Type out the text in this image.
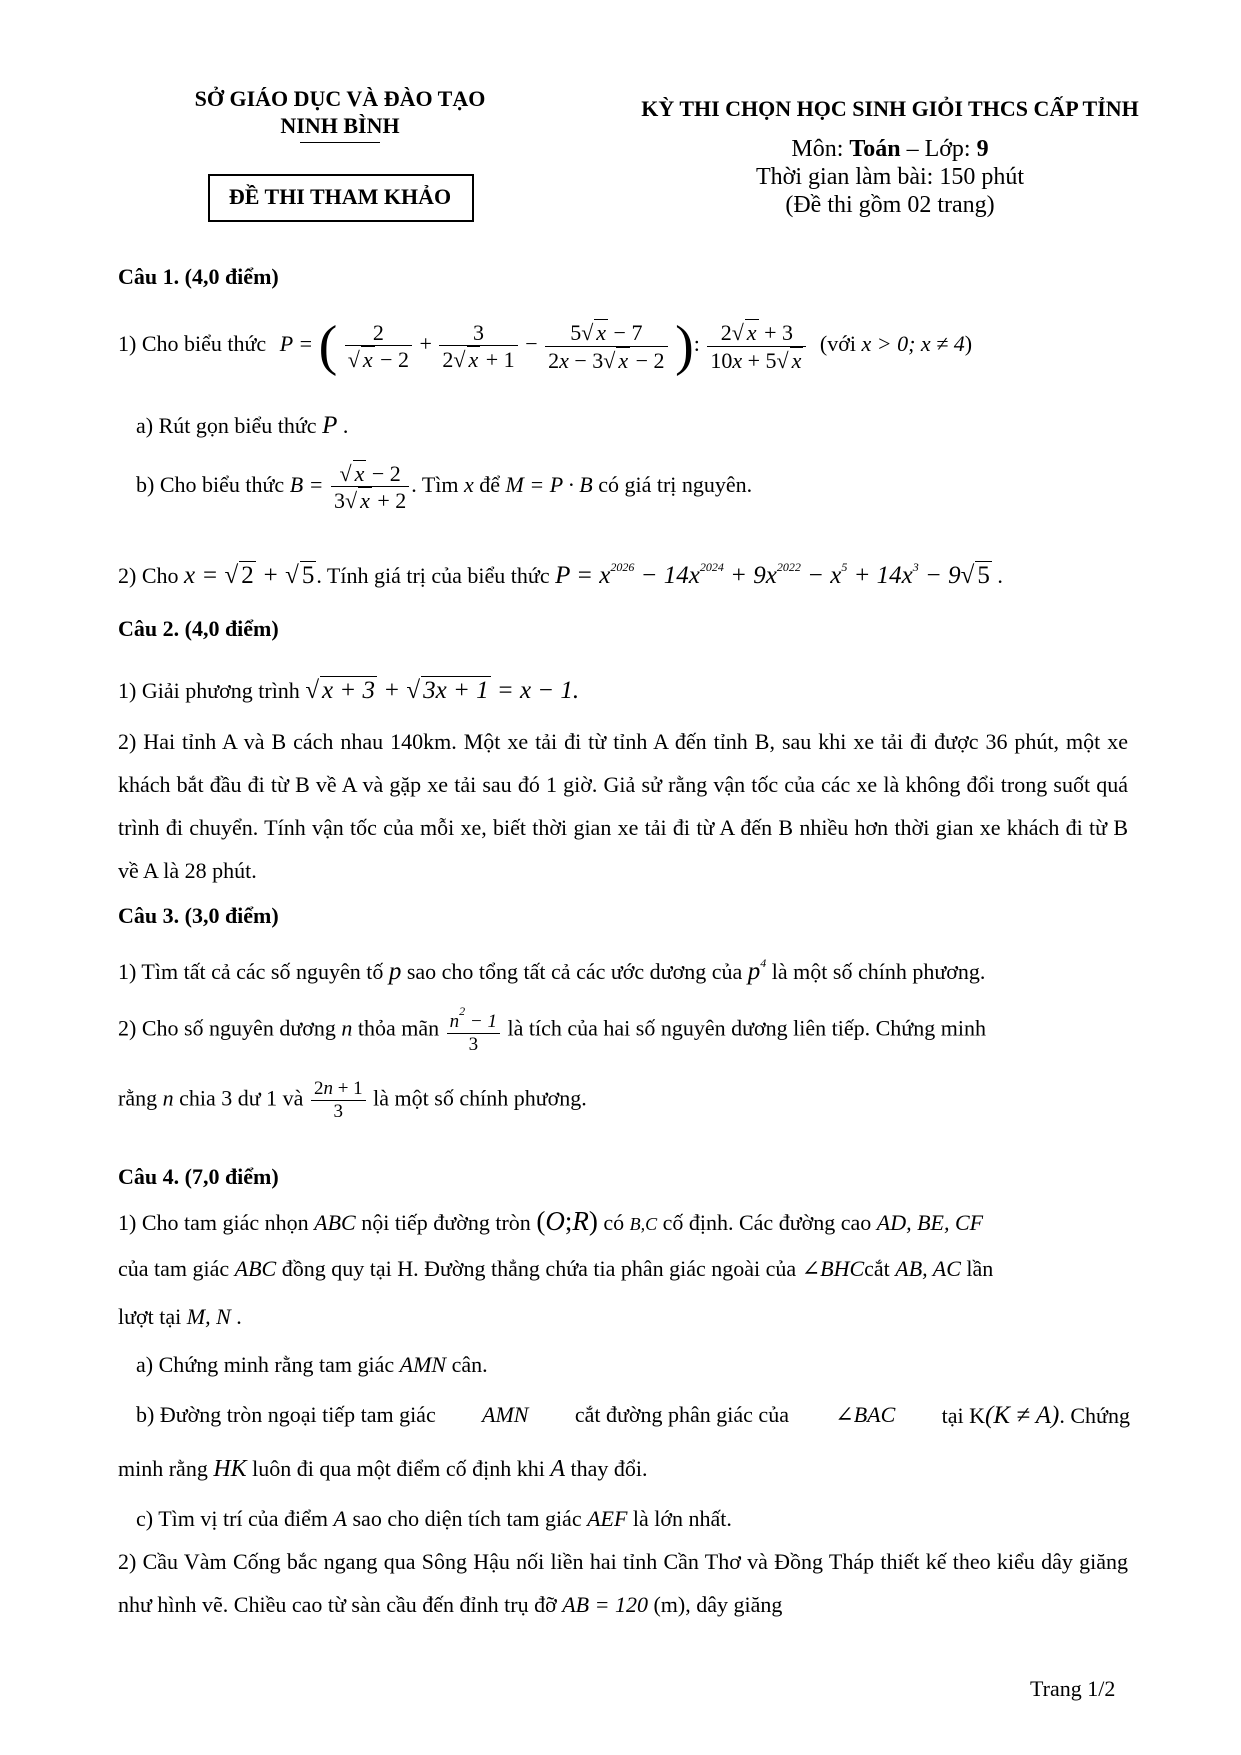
SỞ GIÁO DỤC VÀ ĐÀO TẠO
NINH BÌNH
ĐỀ THI THAM KHẢO
KỲ THI CHỌN HỌC SINH GIỎI THCS CẤP TỈNH
Môn: Toán – Lớp: 9
Thời gian làm bài: 150 phút
(Đề thi gồm 02 trang)
Câu 1. (4,0 điểm)
1) Cho biểu thức P = ( $\frac{2}{√ x - 2} + \frac{3}{2√ x + 1} - \frac{5√ x - 7}{2x - 3√ x - 2}$ ): $\frac{2√ x + 3}{10x + 5√ x}$ (với x > 0; x ≠ 4)
a) Rút gọn biểu thức P .
b) Cho biểu thức $B = \frac{√ x - 2}{3√ x + 2}$ . Tìm x để M = P · B có giá trị nguyên.
2) Cho x = √ 2 + √ 5. Tính giá trị của biểu thức $P = x^{2026} - 14x^{2024} + 9x^{2022} - x^5 + 14x^3 - 9√$ 5 .
Câu 2. (4,0 điểm)
1) Giải phương trình √ x + 3 + √ 3x + 1 = x − 1.
2) Hai tỉnh A và B cách nhau 140km. Một xe tải đi từ tỉnh A đến tỉnh B, sau khi xe tải đi được 36 phút, một xe khách bắt đầu đi từ B về A và gặp xe tải sau đó 1 giờ. Giả sử rằng vận tốc của các xe là không đổi trong suốt quá trình đi chuyển. Tính vận tốc của mỗi xe, biết thời gian xe tải đi từ A đến B nhiều hơn thời gian xe khách đi từ B về A là 28 phút.
Câu 3. (3,0 điểm)
1) Tìm tất cả các số nguyên tố p sao cho tổng tất cả các ước dương của $p^4$ là một số chính phương.
2) Cho số nguyên dương n thỏa mãn $\frac{n^2 - 1}{3}$ là tích của hai số nguyên dương liên tiếp. Chứng minh
rằng n chia 3 dư 1 và $\frac{2n + 1}{3}$ là một số chính phương.
Câu 4. (7,0 điểm)
1) Cho tam giác nhọn ABC nội tiếp đường tròn (O;R) có B,C cố định. Các đường cao AD, BE, CF
của tam giác ABC đồng quy tại H. Đường thẳng chứa tia phân giác ngoài của ∠BHCcắt AB, AC lần
lượt tại M, N .
a) Chứng minh rằng tam giác AMN cân.
b) Đường tròn ngoại tiếp tam giác AMN cắt đường phân giác của ∠BAC tại K(K ≠ A). Chứng
minh rằng HK luôn đi qua một điểm cố định khi A thay đổi.
c) Tìm vị trí của điểm A sao cho diện tích tam giác AEF là lớn nhất.
2) Cầu Vàm Cống bắc ngang qua Sông Hậu nối liền hai tỉnh Cần Thơ và Đồng Tháp thiết kế theo kiểu dây giăng như hình vẽ. Chiều cao từ sàn cầu đến đỉnh trụ đỡ AB = 120 (m), dây giăng
Trang 1/2
